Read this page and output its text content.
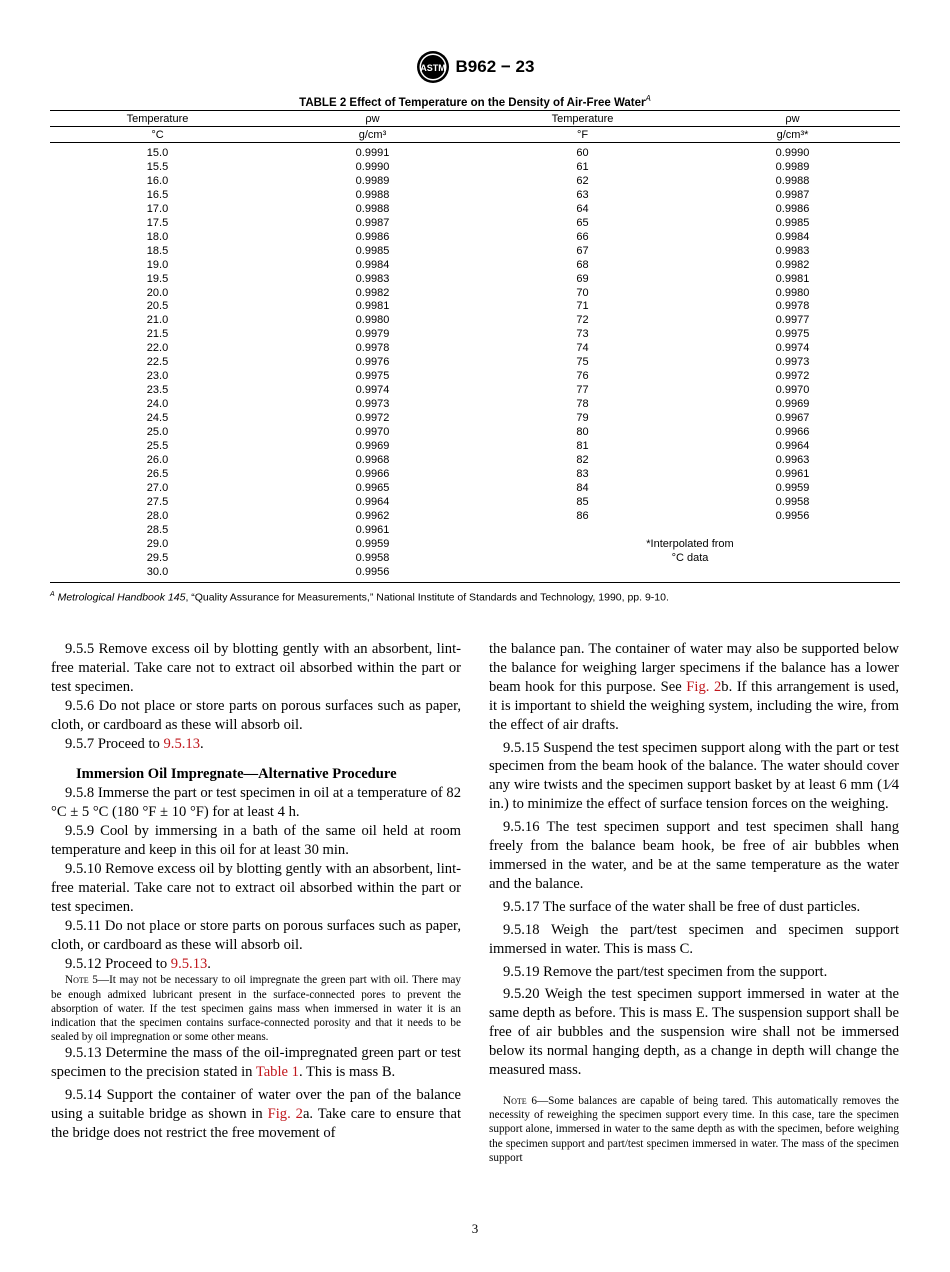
ASTM B962 − 23
TABLE 2 Effect of Temperature on the Density of Air-Free Water$^A$
Temperature	ρw	Temperature	ρw
°C	g/cm³	°F	g/cm³*
15.0	0.9991	60	0.9990
15.5	0.9990	61	0.9989
16.0	0.9989	62	0.9988
16.5	0.9988	63	0.9987
17.0	0.9988	64	0.9986
17.5	0.9987	65	0.9985
18.0	0.9986	66	0.9984
18.5	0.9985	67	0.9983
19.0	0.9984	68	0.9982
19.5	0.9983	69	0.9981
20.0	0.9982	70	0.9980
20.5	0.9981	71	0.9978
21.0	0.9980	72	0.9977
21.5	0.9979	73	0.9975
22.0	0.9978	74	0.9974
22.5	0.9976	75	0.9973
23.0	0.9975	76	0.9972
23.5	0.9974	77	0.9970
24.0	0.9973	78	0.9969
24.5	0.9972	79	0.9967
25.0	0.9970	80	0.9966
25.5	0.9969	81	0.9964
26.0	0.9968	82	0.9963
26.5	0.9966	83	0.9961
27.0	0.9965	84	0.9959
27.5	0.9964	85	0.9958
28.0	0.9962	86	0.9956
28.5	0.9961		
29.0	0.9959	*Interpolated from	
29.5	0.9958	°C data	
30.0	0.9956		
$^A$ Metrological Handbook 145, “Quality Assurance for Measurements,” National Institute of Standards and Technology, 1990, pp. 9-10.

9.5.5 Remove excess oil by blotting gently with an absorbent, lint-free material. Take care not to extract oil absorbed within the part or test specimen.

9.5.6 Do not place or store parts on porous surfaces such as paper, cloth, or cardboard as these will absorb oil.

9.5.7 Proceed to 9.5.13.

Immersion Oil Impregnate—Alternative Procedure

9.5.8 Immerse the part or test specimen in oil at a temperature of 82 °C ± 5 °C (180 °F ± 10 °F) for at least 4 h.

9.5.9 Cool by immersing in a bath of the same oil held at room temperature and keep in this oil for at least 30 min.

9.5.10 Remove excess oil by blotting gently with an absorbent, lint-free material. Take care not to extract oil absorbed within the part or test specimen.

9.5.11 Do not place or store parts on porous surfaces such as paper, cloth, or cardboard as these will absorb oil.

9.5.12 Proceed to 9.5.13.

Note 5—It may not be necessary to oil impregnate the green part with oil. There may be enough admixed lubricant present in the surface-connected pores to prevent the absorption of water. If the test specimen gains mass when immersed in water it is an indication that the specimen contains surface-connected porosity and that it needs to be sealed by oil impregnation or some other means.

9.5.13 Determine the mass of the oil-impregnated green part or test specimen to the precision stated in Table 1. This is mass B.

9.5.14 Support the container of water over the pan of the balance using a suitable bridge as shown in Fig. 2a. Take care to ensure that the bridge does not restrict the free movement of

the balance pan. The container of water may also be supported below the balance for weighing larger specimens if the balance has a lower beam hook for this purpose. See Fig. 2b. If this arrangement is used, it is important to shield the weighing system, including the wire, from the effect of air drafts.

9.5.15 Suspend the test specimen support along with the part or test specimen from the beam hook of the balance. The water should cover any wire twists and the specimen support basket by at least 6 mm (1⁄4 in.) to minimize the effect of surface tension forces on the weighing.

9.5.16 The test specimen support and test specimen shall hang freely from the balance beam hook, be free of air bubbles when immersed in the water, and be at the same temperature as the water and the balance.

9.5.17 The surface of the water shall be free of dust particles.

9.5.18 Weigh the part/test specimen and specimen support immersed in water. This is mass C.

9.5.19 Remove the part/test specimen from the support.

9.5.20 Weigh the test specimen support immersed in water at the same depth as before. This is mass E. The suspension support shall be free of air bubbles and the suspension wire shall not be immersed below its normal hanging depth, as a change in depth will change the measured mass.

Note 6—Some balances are capable of being tared. This automatically removes the necessity of reweighing the specimen support every time. In this case, tare the specimen support alone, immersed in water to the same depth as with the specimen, before weighing the specimen support and part/test specimen immersed in water. The mass of the specimen support

3
